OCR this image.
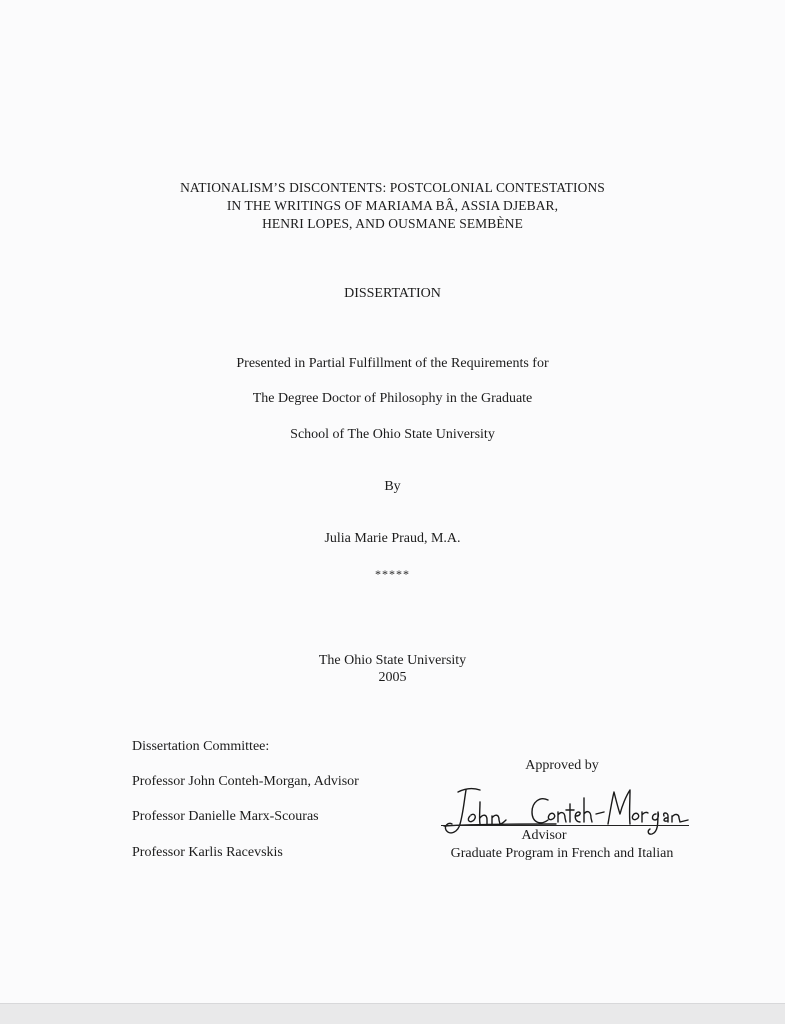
NATIONALISM’S DISCONTENTS: POSTCOLONIAL CONTESTATIONS
IN THE WRITINGS OF MARIAMA BÂ, ASSIA DJEBAR,
HENRI LOPES, AND OUSMANE SEMBÈNE
DISSERTATION
Presented in Partial Fulfillment of the Requirements for
The Degree Doctor of Philosophy in the Graduate
School of The Ohio State University
By
Julia Marie Praud, M.A.
*****
The Ohio State University
2005
Dissertation Committee:
Professor John Conteh-Morgan, Advisor
Professor Danielle Marx-Scouras
Professor Karlis Racevskis
Approved by
Advisor
Graduate Program in French and Italian
